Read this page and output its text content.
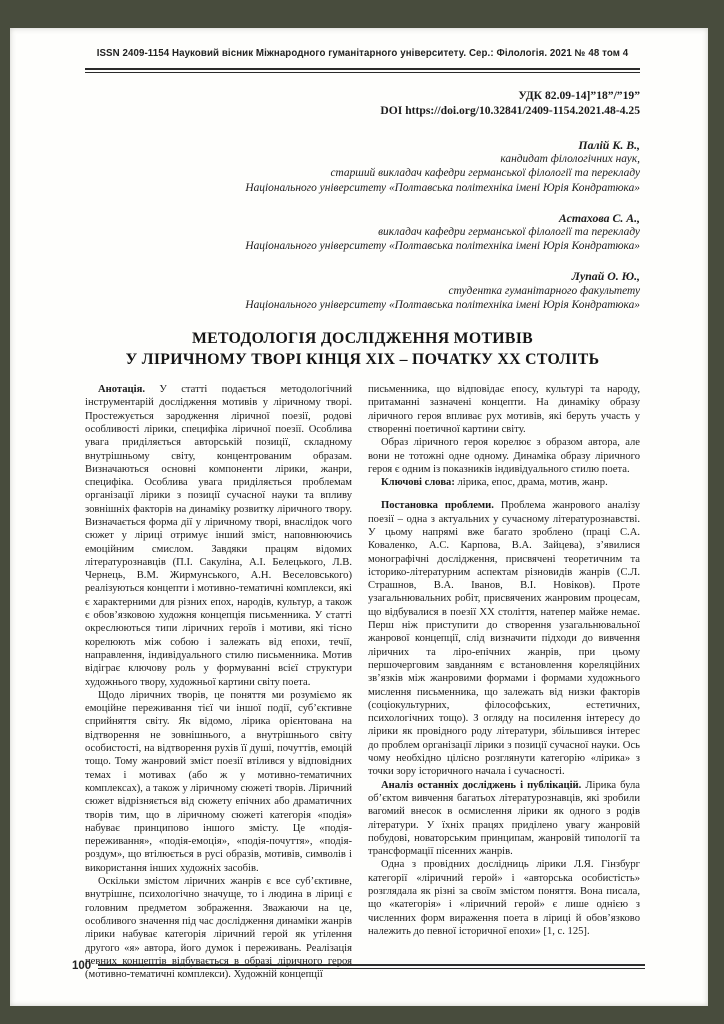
ISSN 2409-1154 Науковий вісник Міжнародного гуманітарного університету. Сер.: Філологія. 2021 № 48 том 4
УДК 82.09-14]”18”/”19”
DOI https://doi.org/10.32841/2409-1154.2021.48-4.25
Палій К. В.,
кандидат філологічних наук,
старший викладач кафедри германської філології та перекладу
Національного університету «Полтавська політехніка імені Юрія Кондратюка»
Астахова С. А.,
викладач кафедри германської філології та перекладу
Національного університету «Полтавська політехніка імені Юрія Кондратюка»
Лупай О. Ю.,
студентка гуманітарного факультету
Національного університету «Полтавська політехніка імені Юрія Кондратюка»
МЕТОДОЛОГІЯ ДОСЛІДЖЕННЯ МОТИВІВ
У ЛІРИЧНОМУ ТВОРІ КІНЦЯ XIX – ПОЧАТКУ XX СТОЛІТЬ

Анотація. У статті подається методологічний інструментарій дослідження мотивів у ліричному творі. Простежується зародження ліричної поезії, родові особливості лірики, специфіка ліричної поезії. Особлива увага приділяється авторській позиції, складному внутрішньому світу, концентрованим образам. Визначаються основні компоненти лірики, жанри, специфіка. Особлива увага приділяється проблемам організації лірики з позиції сучасної науки та впливу зовнішніх факторів на динаміку розвитку ліричного твору. Визначається форма дії у ліричному творі, внаслідок чого сюжет у ліриці отримує інший зміст, наповнюючись емоційним смислом. Завдяки працям відомих літературознавців (П.І. Сакуліна, А.І. Белецького, Л.В. Чернець, В.М. Жирмунського, А.Н. Веселовського) реалізуються концепти і мотивно-тематичні комплекси, які є характерними для різних епох, народів, культур, а також є обов’язковою художня концепція письменника. У статті окреслюються типи ліричних героїв і мотиви, які тісно корелюють між собою і залежать від епохи, течії, направлення, індивідуального стилю письменника. Мотив відіграє ключову роль у формуванні всієї структури художнього твору, художньої картини світу поета.

Щодо ліричних творів, це поняття ми розуміємо як емоційне переживання тієї чи іншої події, суб’єктивне сприйняття світу. Як відомо, лірика орієнтована на відтворення не зовнішнього, а внутрішнього світу особистості, на відтворення рухів її душі, почуттів, емоцій тощо. Тому жанровий зміст поезії втілився у відповідних темах і мотивах (або ж у мотивно-тематичних комплексах), а також у ліричному сюжеті творів. Ліричний сюжет відрізняється від сюжету епічних або драматичних творів тим, що в ліричному сюжеті категорія «подія» набуває принципово іншого змісту. Це «подія-переживання», «подія-емоція», «подія-почуття», «подія-роздум», що втілюється в русі образів, мотивів, символів і використання інших художніх засобів.

Оскільки змістом ліричних жанрів є все суб’єктивне, внутрішнє, психологічно значуще, то і людина в ліриці є головним предметом зображення. Зважаючи на це, особливого значення під час дослідження динаміки жанрів лірики набуває категорія ліричний герой як утілення другого «я» автора, його думок і переживань. Реалізація певних концептів відбувається в образі ліричного героя (мотивно-тематичні комплекси). Художній концепції

письменника, що відповідає епосу, культурі та народу, притаманні зазначені концепти. На динаміку образу ліричного героя впливає рух мотивів, які беруть участь у створенні поетичної картини світу.

Образ ліричного героя корелює з образом автора, але вони не тотожні одне одному. Динаміка образу ліричного героя є одним із показників індивідуального стилю поета.

Ключові слова: лірика, епос, драма, мотив, жанр.

Постановка проблеми. Проблема жанрового аналізу поезії – одна з актуальних у сучасному літературознавстві. У цьому напрямі вже багато зроблено (праці С.А. Коваленко, А.С. Карпова, В.А. Зайцева), з’явилися монографічні дослідження, присвячені теоретичним та історико-літературним аспектам різновидів жанрів (С.Л. Страшнов, В.А. Іванов, В.І. Новіков). Проте узагальнювальних робіт, присвячених жанровим процесам, що відбувалися в поезії XX століття, натепер майже немає. Перш ніж приступити до створення узагальнювальної жанрової концепції, слід визначити підходи до вивчення ліричних та ліро-епічних жанрів, при цьому першочерговим завданням є встановлення кореляційних зв’язків між жанровими формами і формами художнього мислення письменника, що залежать від низки факторів (соціокультурних, філософських, естетичних, психологічних тощо). З огляду на посилення інтересу до лірики як провідного роду літератури, збільшився інтерес до проблем організації лірики з позиції сучасної науки. Ось чому необхідно цілісно розглянути категорію «лірика» з точки зору історичного начала і сучасності.

Аналіз останніх досліджень і публікацій. Лірика була об’єктом вивчення багатьох літературознавців, які зробили вагомий внесок в осмислення лірики як одного з родів літератури. У їхніх працях приділено увагу жанровій побудові, новаторським принципам, жанровій типології та трансформації пісенних жанрів.

Одна з провідних дослідниць лірики Л.Я. Гінзбург категорії «ліричний герой» і «авторська особистість» розглядала як різні за своїм змістом поняття. Вона писала, що «категорія» і «ліричний герой» є лише однією з численних форм вираження поета в ліриці й обов’язково належить до певної історичної епохи» [1, с. 125].

100
